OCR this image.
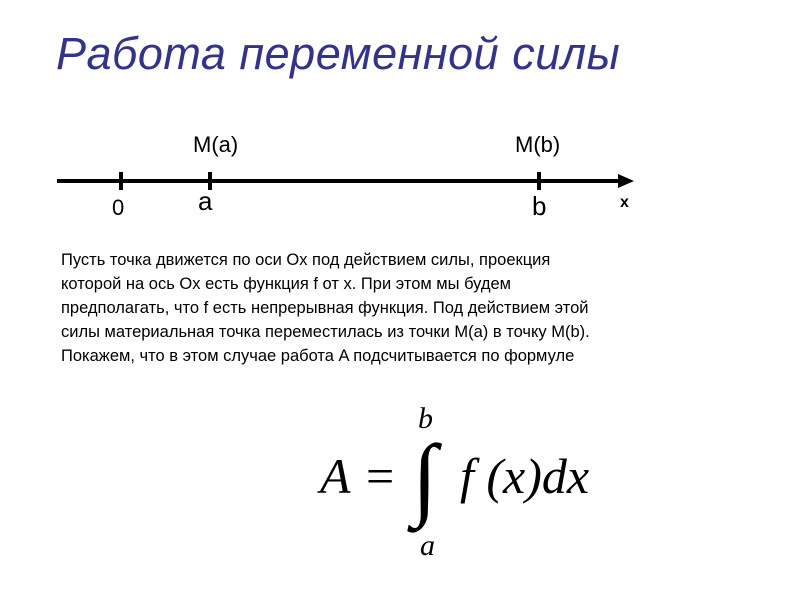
Работа переменной силы
M(a)	M(b)
0	a	b	x

Пусть точка движется по оси Ox под действием силы, проекция
которой на ось Ox есть функция f от x. При этом мы будем
предполагать, что f есть непрерывная функция. Под действием этой
силы материальная точка переместилась из точки M(a) в точку M(b).
Покажем, что в этом случае работа A подсчитывается по формуле

A =
b
∫
a
f (x)dx
